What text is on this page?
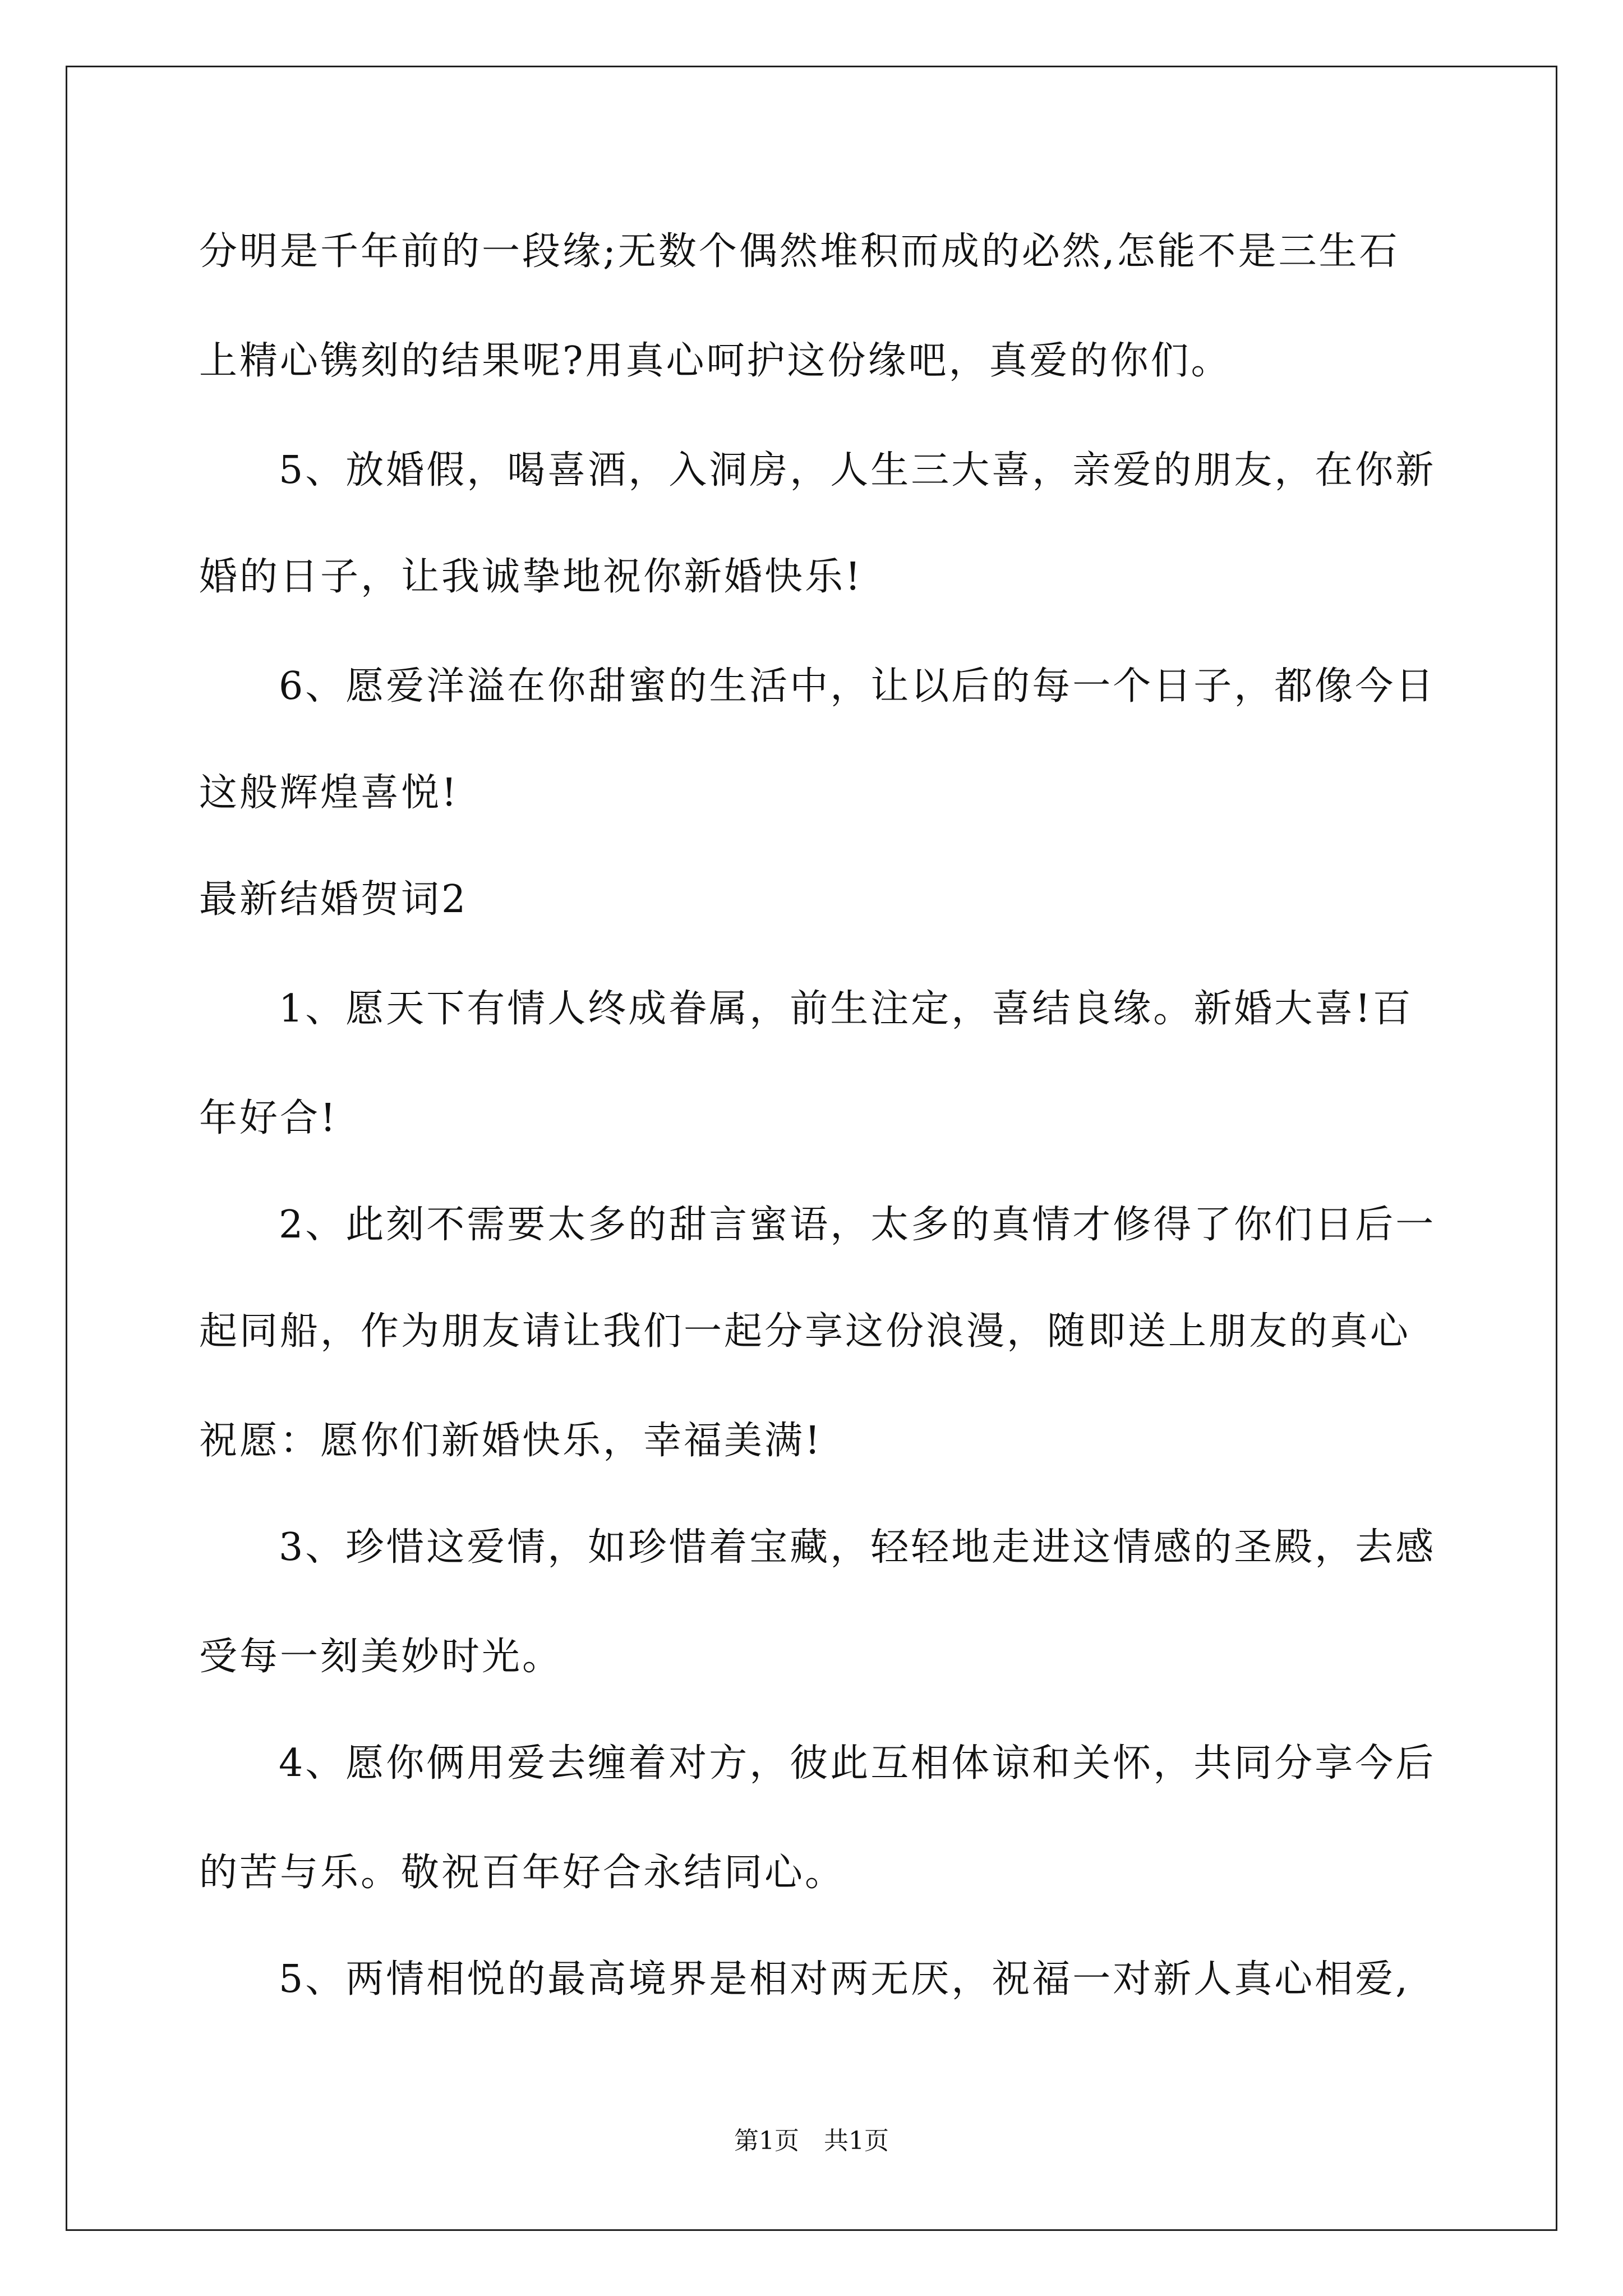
分明是千年前的一段缘;无数个偶然堆积而成的必然,怎能不是三生石
上精心镌刻的结果呢?用真心呵护这份缘吧，真爱的你们。
5、放婚假，喝喜酒，入洞房，人生三大喜，亲爱的朋友，在你新
婚的日子，让我诚挚地祝你新婚快乐!
6、愿爱洋溢在你甜蜜的生活中，让以后的每一个日子，都像今日
这般辉煌喜悦!
最新结婚贺词2
1、愿天下有情人终成眷属，前生注定，喜结良缘。新婚大喜!百
年好合!
2、此刻不需要太多的甜言蜜语，太多的真情才修得了你们日后一
起同船，作为朋友请让我们一起分享这份浪漫，随即送上朋友的真心
祝愿：愿你们新婚快乐，幸福美满!
3、珍惜这爱情，如珍惜着宝藏，轻轻地走进这情感的圣殿，去感
受每一刻美妙时光。
4、愿你俩用爱去缠着对方，彼此互相体谅和关怀，共同分享今后
的苦与乐。敬祝百年好合永结同心。
5、两情相悦的最高境界是相对两无厌，祝福一对新人真心相爱,
第1页　共1页
